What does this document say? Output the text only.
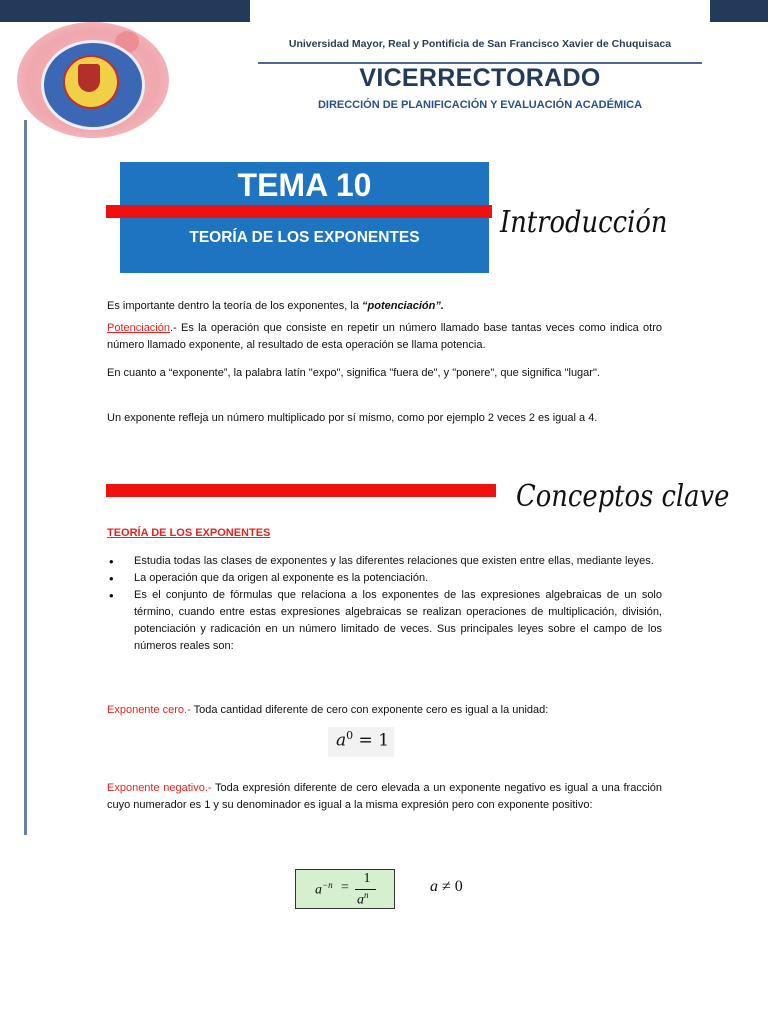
Universidad Mayor, Real y Pontificia de San Francisco Xavier de Chuquisaca
VICERRECTORADO
DIRECCIÓN DE PLANIFICACIÓN Y EVALUACIÓN ACADÉMICA
TEMA 10
TEORÍA DE LOS EXPONENTES	Introducción
Es importante dentro la teoría de los exponentes, la “potenciación”.
Potenciación.- Es la operación que consiste en repetir un número llamado base tantas veces como indica otro número llamado exponente, al resultado de esta operación se llama potencia.
En cuanto a “exponente”, la palabra latín "expo", significa "fuera de", y "ponere", que significa "lugar".
Un exponente refleja un número multiplicado por sí mismo, como por ejemplo 2 veces 2 es igual a 4.
Conceptos clave
TEORÍA DE LOS EXPONENTES
• Estudia todas las clases de exponentes y las diferentes relaciones que existen entre ellas, mediante leyes.
• La operación que da origen al exponente es la potenciación.
• Es el conjunto de fórmulas que relaciona a los exponentes de las expresiones algebraicas de un solo término, cuando entre estas expresiones algebraicas se realizan operaciones de multiplicación, división, potenciación y radicación en un número limitado de veces. Sus principales leyes sobre el campo de los números reales son:
Exponente cero.- Toda cantidad diferente de cero con exponente cero es igual a la unidad:
$a^0 = 1$
Exponente negativo.- Toda expresión diferente de cero elevada a un exponente negativo es igual a una fracción cuyo numerador es 1 y su denominador es igual a la misma expresión pero con exponente positivo:
$a^{-n}$ =
1
$a^n$	a ≠ 0
